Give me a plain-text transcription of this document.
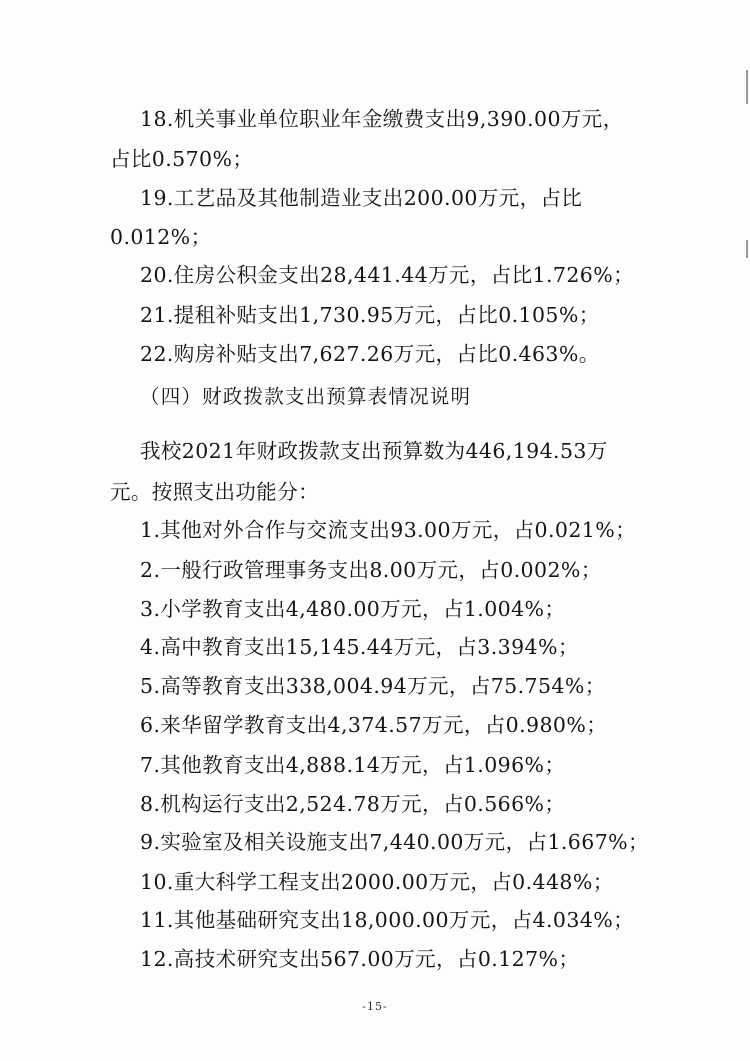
18.机关事业单位职业年金缴费支出9,390.00万元，
占比0.570%；
19.工艺品及其他制造业支出200.00万元，占比
0.012%；
20.住房公积金支出28,441.44万元，占比1.726%；
21.提租补贴支出1,730.95万元，占比0.105%；
22.购房补贴支出7,627.26万元，占比0.463%。
（四）财政拨款支出预算表情况说明
我校2021年财政拨款支出预算数为446,194.53万
元。按照支出功能分：
1.其他对外合作与交流支出93.00万元，占0.021%；
2.一般行政管理事务支出8.00万元，占0.002%；
3.小学教育支出4,480.00万元，占1.004%；
4.高中教育支出15,145.44万元，占3.394%；
5.高等教育支出338,004.94万元，占75.754%；
6.来华留学教育支出4,374.57万元，占0.980%；
7.其他教育支出4,888.14万元，占1.096%；
8.机构运行支出2,524.78万元，占0.566%；
9.实验室及相关设施支出7,440.00万元，占1.667%；
10.重大科学工程支出2000.00万元，占0.448%；
11.其他基础研究支出18,000.00万元，占4.034%；
12.高技术研究支出567.00万元，占0.127%；
-15-
